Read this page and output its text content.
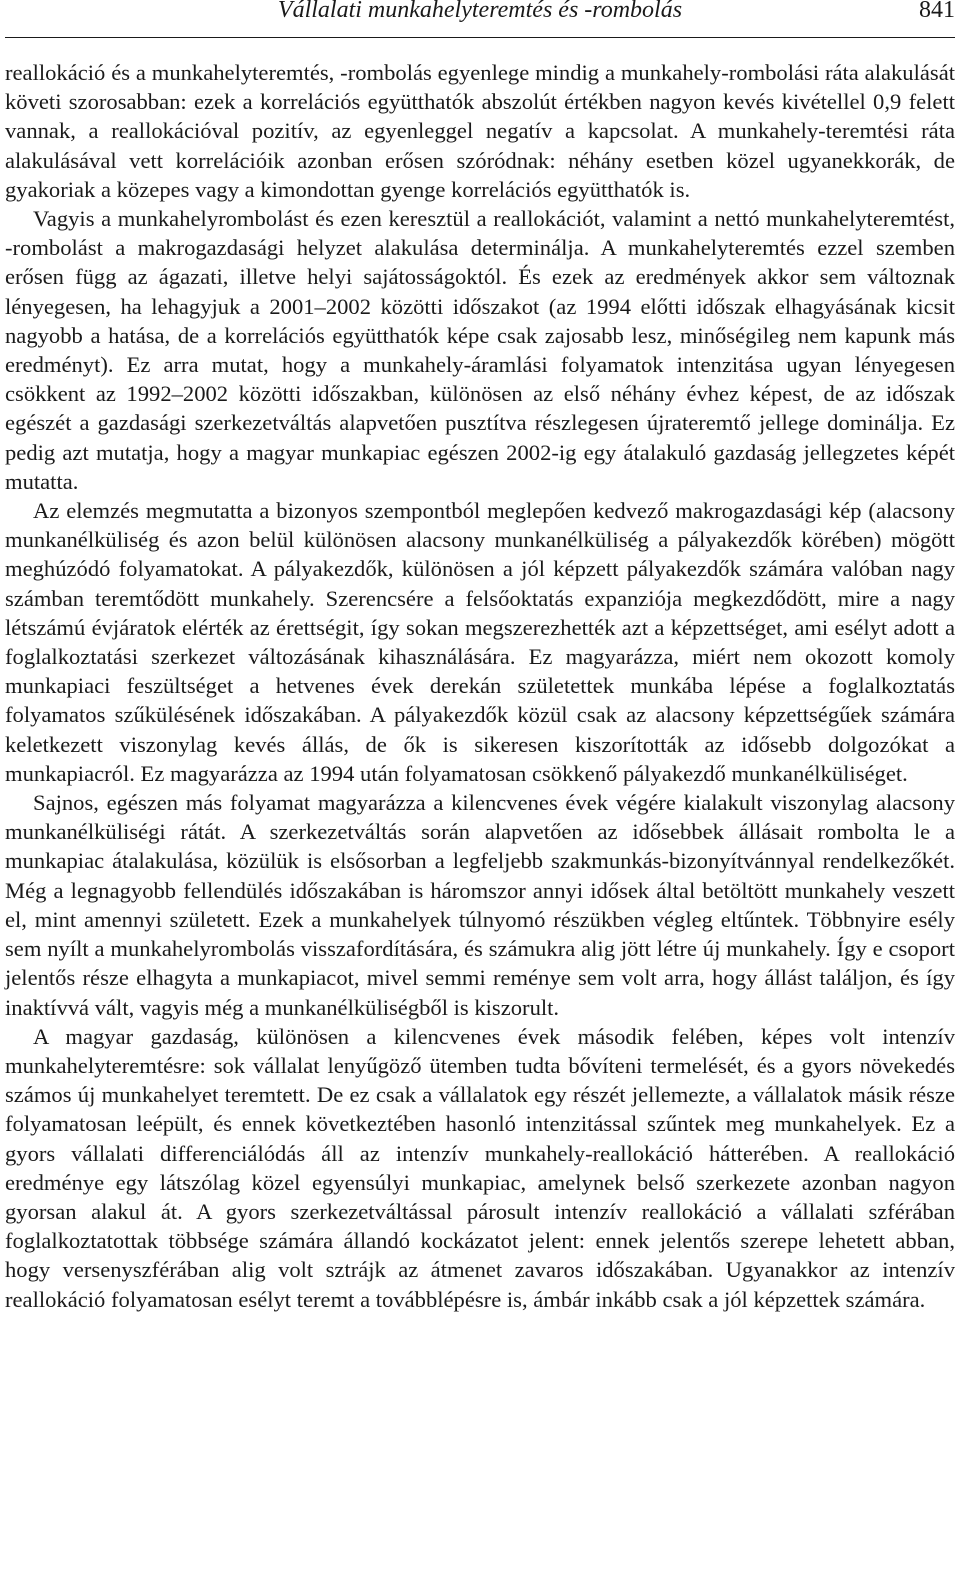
Vállalati munkahelyteremtés és -rombolás	841

reallokáció és a munkahelyteremtés, -rombolás egyenlege mindig a munkahely-rombolási ráta alakulását követi szorosabban: ezek a korrelációs együtthatók abszolút értékben nagyon kevés kivétellel 0,9 felett vannak, a reallokációval pozitív, az egyenleggel negatív a kapcsolat. A munkahely-teremtési ráta alakulásával vett korrelációik azonban erősen szóródnak: néhány esetben közel ugyanekkorák, de gyakoriak a közepes vagy a kimondottan gyenge korrelációs együtthatók is.

Vagyis a munkahelyrombolást és ezen keresztül a reallokációt, valamint a nettó munkahelyteremtést, -rombolást a makrogazdasági helyzet alakulása determinálja. A munkahelyteremtés ezzel szemben erősen függ az ágazati, illetve helyi sajátosságoktól. És ezek az eredmények akkor sem változnak lényegesen, ha lehagyjuk a 2001–2002 közötti időszakot (az 1994 előtti időszak elhagyásának kicsit nagyobb a hatása, de a korrelációs együtthatók képe csak zajosabb lesz, minőségileg nem kapunk más eredményt). Ez arra mutat, hogy a munkahely-áramlási folyamatok intenzitása ugyan lényegesen csökkent az 1992–2002 közötti időszakban, különösen az első néhány évhez képest, de az időszak egészét a gazdasági szerkezetváltás alapvetően pusztítva részlegesen újrateremtő jellege dominálja. Ez pedig azt mutatja, hogy a magyar munkapiac egészen 2002-ig egy átalakuló gazdaság jellegzetes képét mutatta.

Az elemzés megmutatta a bizonyos szempontból meglepően kedvező makrogazdasági kép (alacsony munkanélküliség és azon belül különösen alacsony munkanélküliség a pályakezdők körében) mögött meghúzódó folyamatokat. A pályakezdők, különösen a jól képzett pályakezdők számára valóban nagy számban teremtődött munkahely. Szerencsére a felsőoktatás expanziója megkezdődött, mire a nagy létszámú évjáratok elérték az érettségit, így sokan megszerezhették azt a képzettséget, ami esélyt adott a foglalkoztatási szerkezet változásának kihasználására. Ez magyarázza, miért nem okozott komoly munkapiaci feszültséget a hetvenes évek derekán születettek munkába lépése a foglalkoztatás folyamatos szűkülésének időszakában. A pályakezdők közül csak az alacsony képzettségűek számára keletkezett viszonylag kevés állás, de ők is sikeresen kiszorították az idősebb dolgozókat a munkapiacról. Ez magyarázza az 1994 után folyamatosan csökkenő pályakezdő munkanélküliséget.

Sajnos, egészen más folyamat magyarázza a kilencvenes évek végére kialakult viszonylag alacsony munkanélküliségi rátát. A szerkezetváltás során alapvetően az idősebbek állásait rombolta le a munkapiac átalakulása, közülük is elsősorban a legfeljebb szakmunkás-bizonyítvánnyal rendelkezőkét. Még a legnagyobb fellendülés időszakában is háromszor annyi idősek által betöltött munkahely veszett el, mint amennyi született. Ezek a munkahelyek túlnyomó részükben végleg eltűntek. Többnyire esély sem nyílt a munkahelyrombolás visszafordítására, és számukra alig jött létre új munkahely. Így e csoport jelentős része elhagyta a munkapiacot, mivel semmi reménye sem volt arra, hogy állást találjon, és így inaktívvá vált, vagyis még a munkanélküliségből is kiszorult.

A magyar gazdaság, különösen a kilencvenes évek második felében, képes volt intenzív munkahelyteremtésre: sok vállalat lenyűgöző ütemben tudta bővíteni termelését, és a gyors növekedés számos új munkahelyet teremtett. De ez csak a vállalatok egy részét jellemezte, a vállalatok másik része folyamatosan leépült, és ennek következtében hasonló intenzitással szűntek meg munkahelyek. Ez a gyors vállalati differenciálódás áll az intenzív munkahely-reallokáció hátterében. A reallokáció eredménye egy látszólag közel egyensúlyi munkapiac, amelynek belső szerkezete azonban nagyon gyorsan alakul át. A gyors szerkezetváltással párosult intenzív reallokáció a vállalati szférában foglalkoztatottak többsége számára állandó kockázatot jelent: ennek jelentős szerepe lehetett abban, hogy versenyszférában alig volt sztrájk az átmenet zavaros időszakában. Ugyanakkor az intenzív reallokáció folyamatosan esélyt teremt a továbblépésre is, ámbár inkább csak a jól képzettek számára.
